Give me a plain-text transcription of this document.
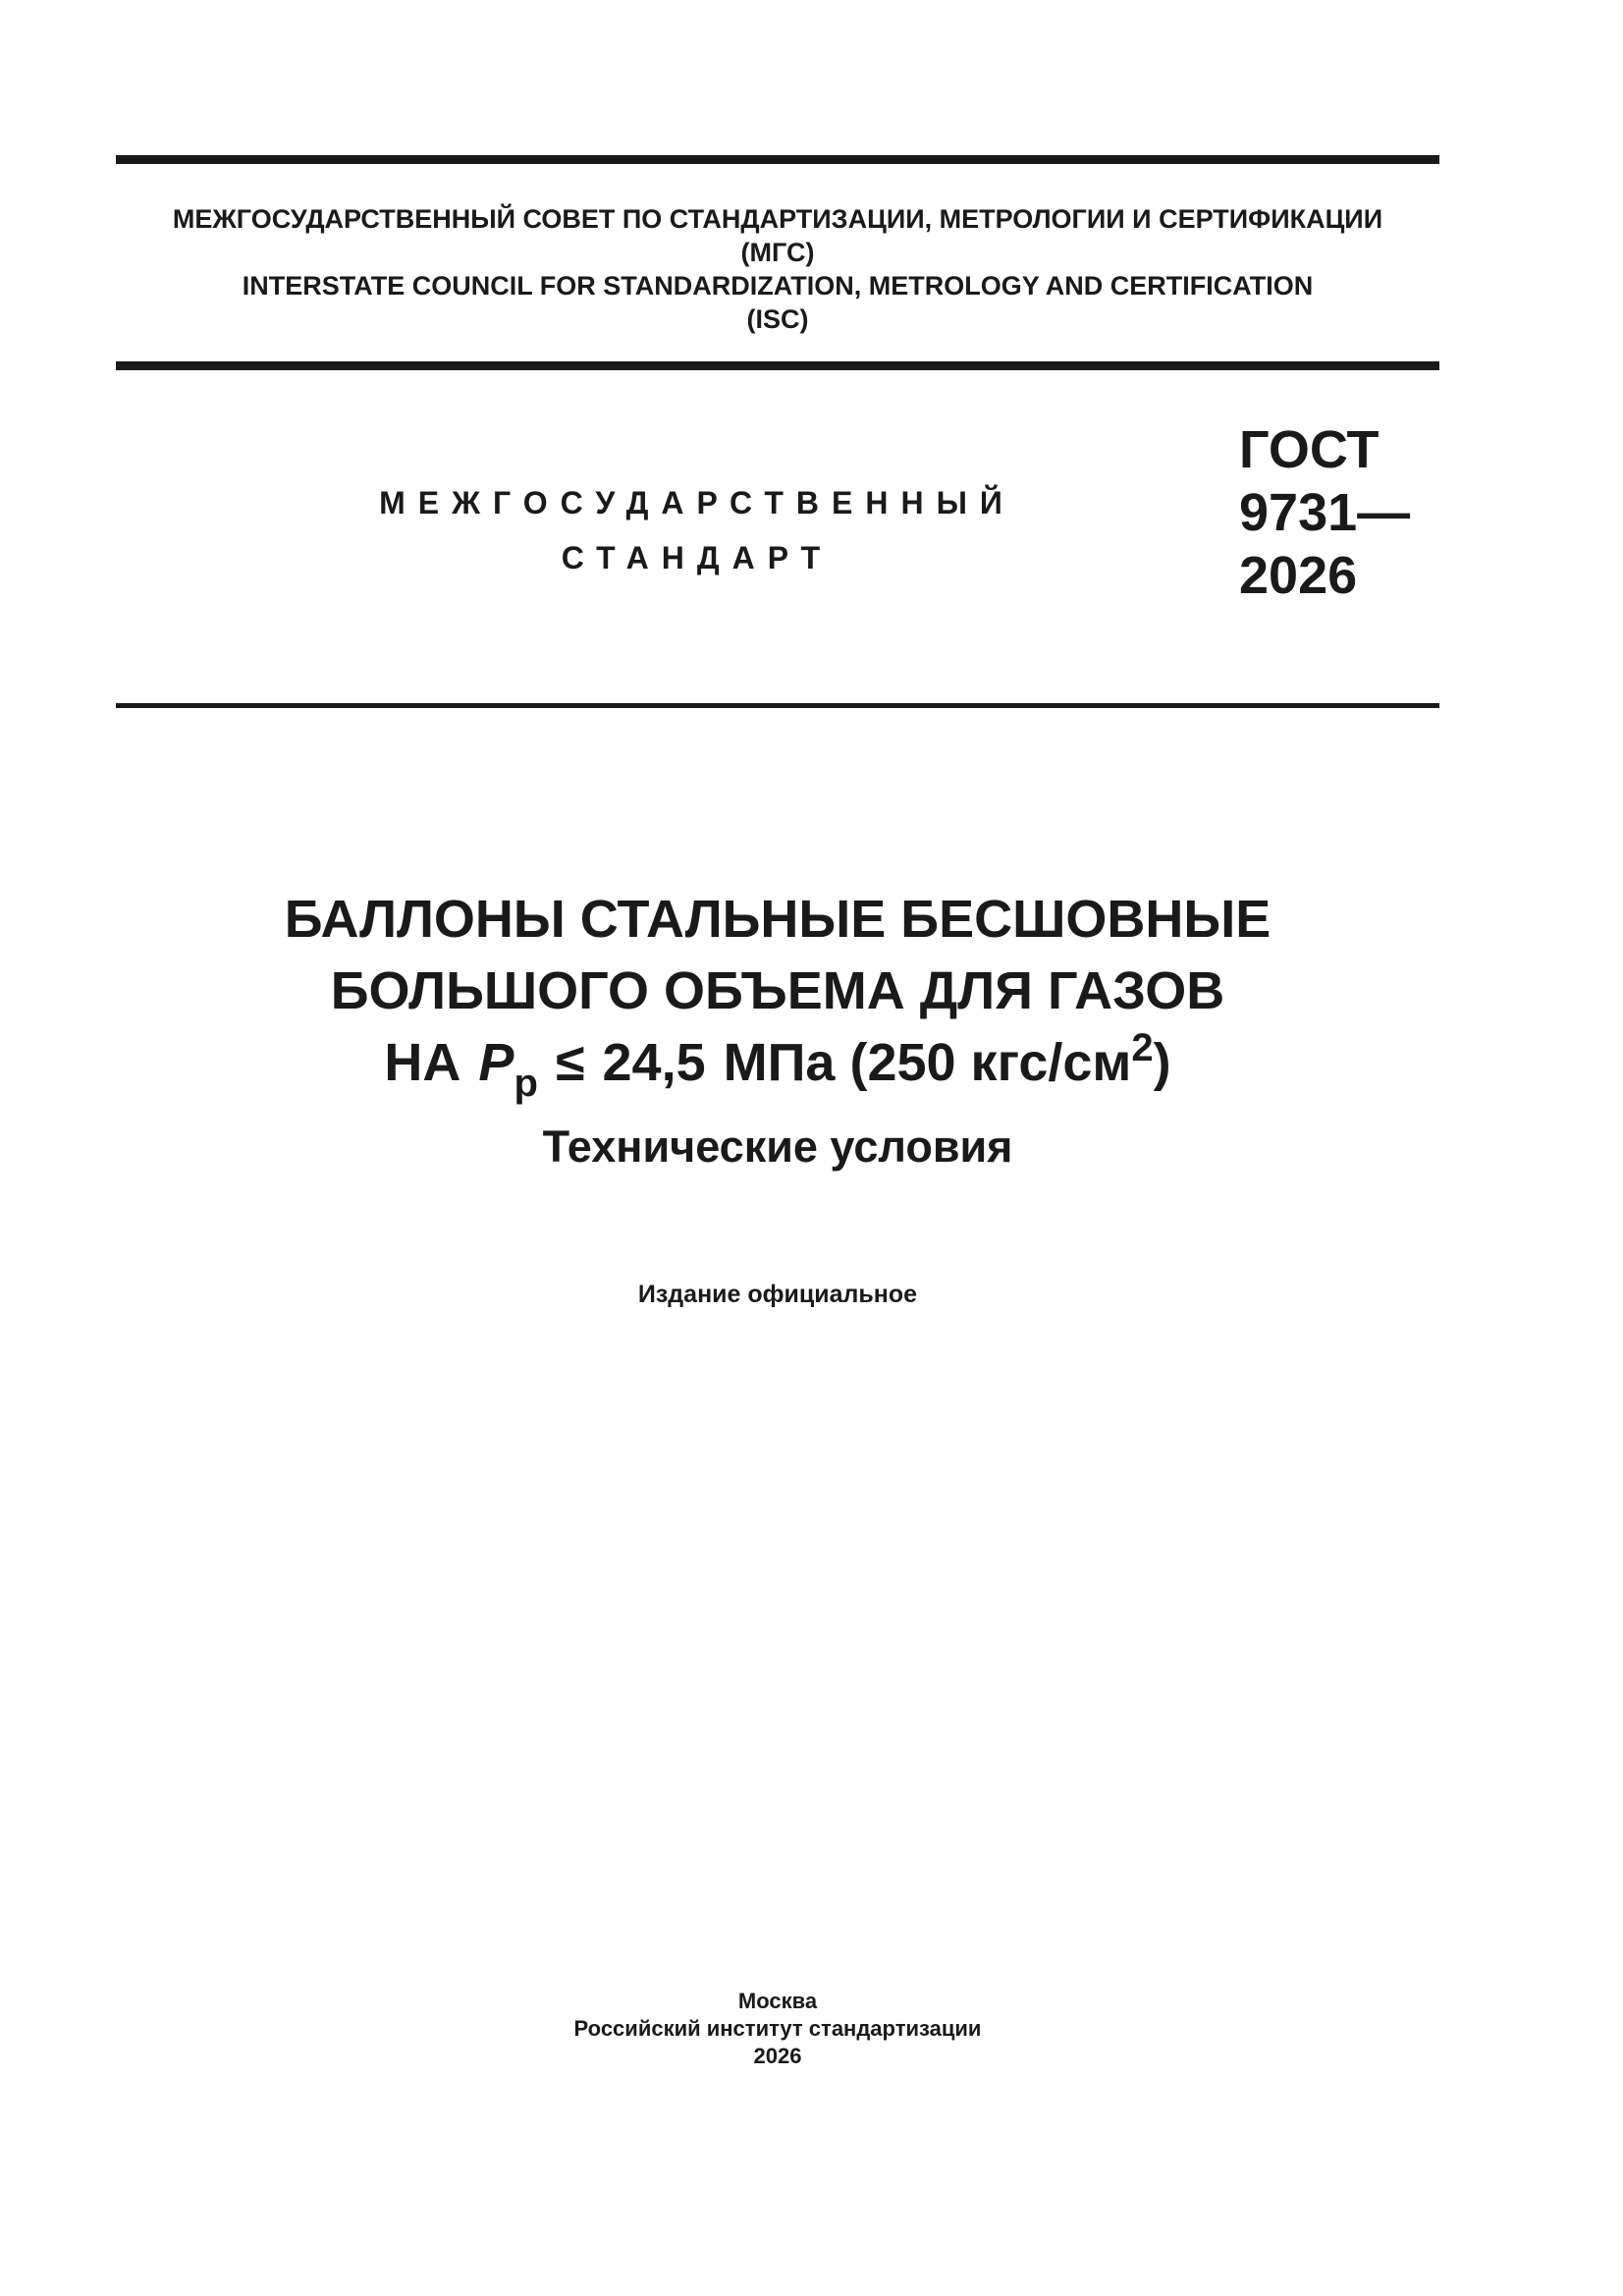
МЕЖГОСУДАРСТВЕННЫЙ СОВЕТ ПО СТАНДАРТИЗАЦИИ, МЕТРОЛОГИИ И СЕРТИФИКАЦИИ
(МГС)
INTERSTATE COUNCIL FOR STANDARDIZATION, METROLOGY AND CERTIFICATION
(ISC)
МЕЖГОСУДАРСТВЕННЫЙ
СТАНДАРТ
ГОСТ
9731—
2026
БАЛЛОНЫ СТАЛЬНЫЕ БЕСШОВНЫЕ
БОЛЬШОГО ОБЪЕМА ДЛЯ ГАЗОВ
НА $P_р \le 24,5$ МПа (250 кгс/$см^2$)
Технические условия
Издание официальное
Москва
Российский институт стандартизации
2026
